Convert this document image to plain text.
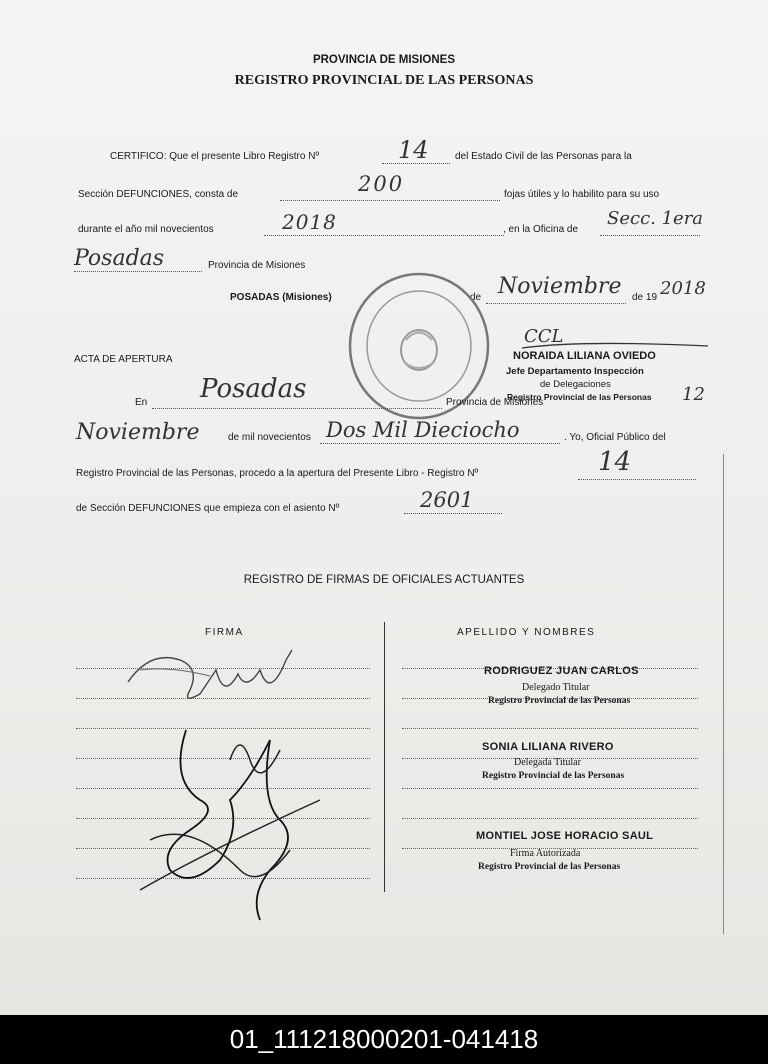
PROVINCIA DE MISIONES
REGISTRO PROVINCIAL DE LAS PERSONAS
CERTIFICO: Que el presente Libro Registro Nº	14	del Estado Civil de las Personas para la
Sección DEFUNCIONES, consta de	200	fojas útiles y lo habilito para su uso
durante el año mil novecientos	2018	, en la Oficina de
Secc. 1era
Posadas	Provincia de Misiones
POSADAS (Misiones)	de Noviembre de 19 2018
CCL
NORAIDA LILIANA OVIEDO
Jefe Departamento Inspección
de Delegaciones
Registro Provincial de las Personas
ACTA DE APERTURA
En Posadas	Provincia de Misiones	12
Noviembre	de mil novecientos Dos Mil Dieciocho	. Yo, Oficial Público del
Registro Provincial de las Personas, procedo a la apertura del Presente Libro - Registro Nº	14
de Sección DEFUNCIONES que empieza con el asiento Nº	2601
REGISTRO DE FIRMAS DE OFICIALES ACTUANTES
FIRMA	APELLIDO Y NOMBRES
RODRIGUEZ JUAN CARLOS
Delegado Titular
Registro Provincial de las Personas
SONIA LILIANA RIVERO
Delegada Titular
Registro Provincial de las Personas
MONTIEL JOSE HORACIO SAUL
Firma Autorizada
Registro Provincial de las Personas
01_111218000201-041418
